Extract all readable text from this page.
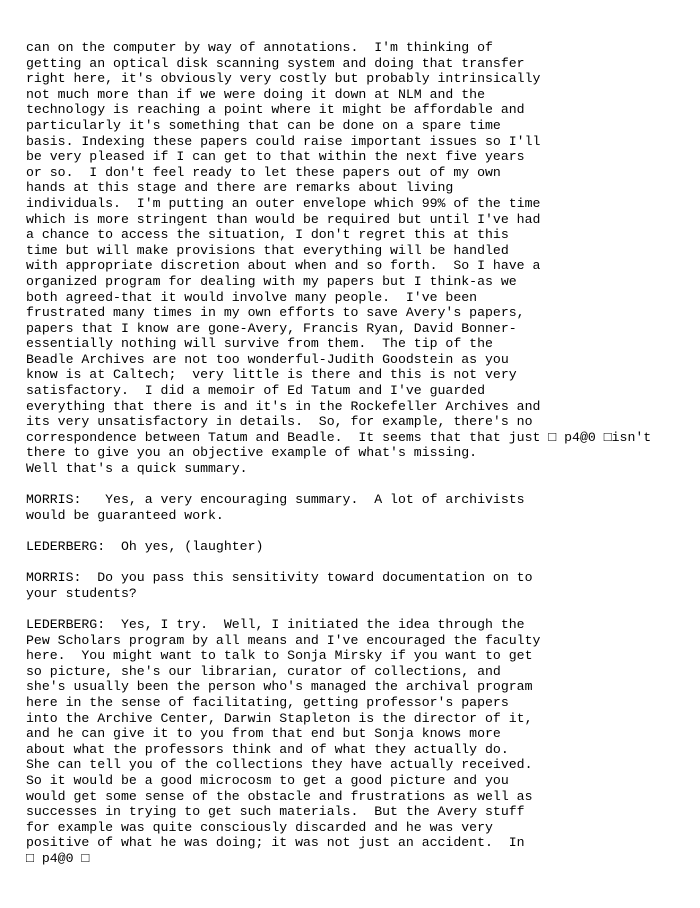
can on the computer by way of annotations.  I'm thinking of
getting an optical disk scanning system and doing that transfer
right here, it's obviously very costly but probably intrinsically
not much more than if we were doing it down at NLM and the
technology is reaching a point where it might be affordable and
particularly it's something that can be done on a spare time
basis. Indexing these papers could raise important issues so I'll
be very pleased if I can get to that within the next five years
or so.  I don't feel ready to let these papers out of my own
hands at this stage and there are remarks about living
individuals.  I'm putting an outer envelope which 99% of the time
which is more stringent than would be required but until I've had
a chance to access the situation, I don't regret this at this
time but will make provisions that everything will be handled
with appropriate discretion about when and so forth.  So I have a
organized program for dealing with my papers but I think-as we
both agreed-that it would involve many people.  I've been
frustrated many times in my own efforts to save Avery's papers,
papers that I know are gone-Avery, Francis Ryan, David Bonner-
essentially nothing will survive from them.  The tip of the
Beadle Archives are not too wonderful-Judith Goodstein as you
know is at Caltech;  very little is there and this is not very
satisfactory.  I did a memoir of Ed Tatum and I've guarded
everything that there is and it's in the Rockefeller Archives and
its very unsatisfactory in details.  So, for example, there's no
correspondence between Tatum and Beadle.  It seems that that just □ p4@0 □isn't
there to give you an objective example of what's missing.
Well that's a quick summary.
MORRIS:   Yes, a very encouraging summary.  A lot of archivists
would be guaranteed work.
LEDERBERG:  Oh yes, (laughter)
MORRIS:  Do you pass this sensitivity toward documentation on to
your students?
LEDERBERG:  Yes, I try.  Well, I initiated the idea through the
Pew Scholars program by all means and I've encouraged the faculty
here.  You might want to talk to Sonja Mirsky if you want to get
so picture, she's our librarian, curator of collections, and
she's usually been the person who's managed the archival program
here in the sense of facilitating, getting professor's papers
into the Archive Center, Darwin Stapleton is the director of it,
and he can give it to you from that end but Sonja knows more
about what the professors think and of what they actually do.
She can tell you of the collections they have actually received.
So it would be a good microcosm to get a good picture and you
would get some sense of the obstacle and frustrations as well as
successes in trying to get such materials.  But the Avery stuff
for example was quite consciously discarded and he was very
positive of what he was doing; it was not just an accident.  In
□ p4@0 □
